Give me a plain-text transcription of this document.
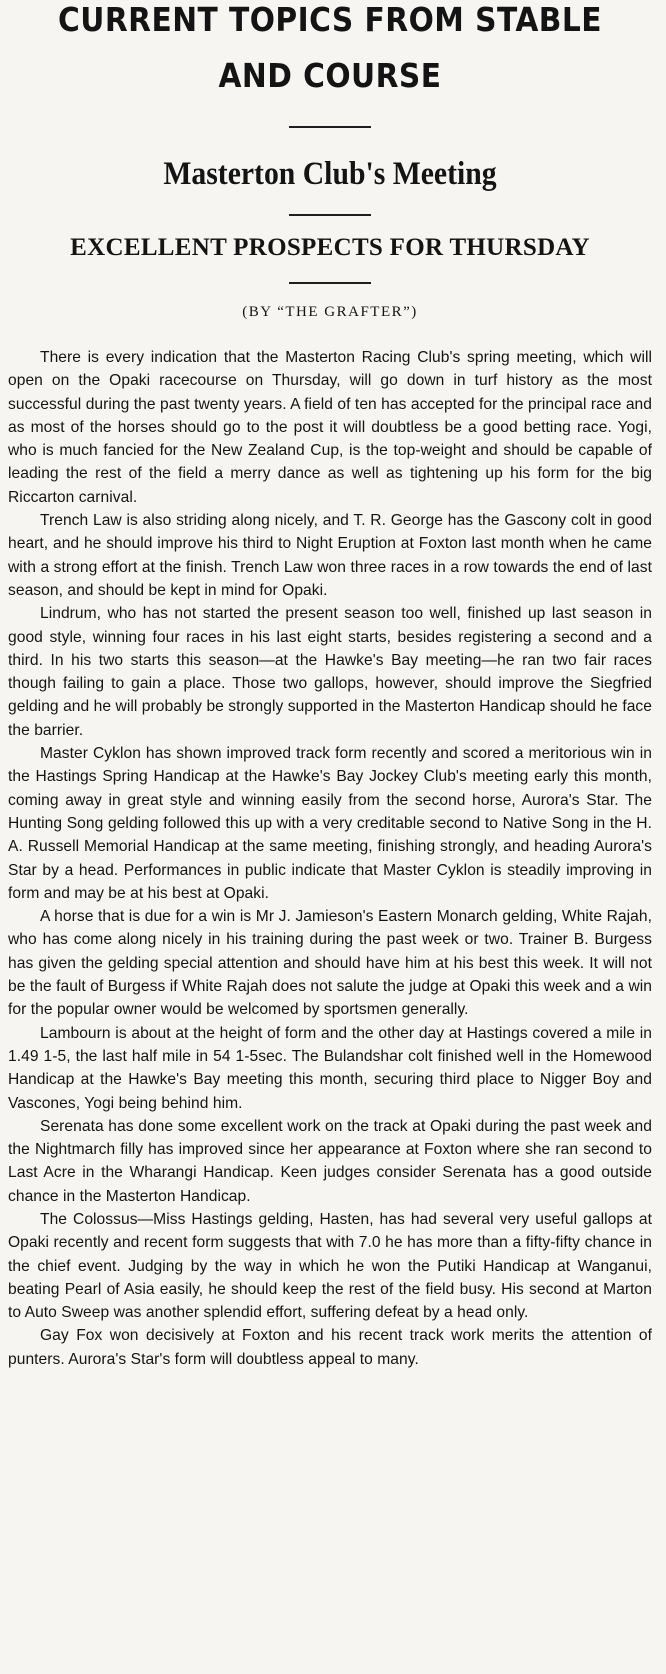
CURRENT TOPICS FROM STABLE
AND COURSE
Masterton Club's Meeting
EXCELLENT PROSPECTS FOR THURSDAY
(BY “THE GRAFTER”)

There is every indication that the Masterton Racing Club's spring meeting, which will open on the Opaki racecourse on Thursday, will go down in turf history as the most successful during the past twenty years. A field of ten has accepted for the principal race and as most of the horses should go to the post it will doubtless be a good betting race. Yogi, who is much fancied for the New Zealand Cup, is the top-weight and should be capable of leading the rest of the field a merry dance as well as tightening up his form for the big Riccarton carnival.

Trench Law is also striding along nicely, and T. R. George has the Gascony colt in good heart, and he should improve his third to Night Eruption at Foxton last month when he came with a strong effort at the finish. Trench Law won three races in a row towards the end of last season, and should be kept in mind for Opaki.

Lindrum, who has not started the present season too well, finished up last season in good style, winning four races in his last eight starts, besides registering a second and a third. In his two starts this season—at the Hawke's Bay meeting—he ran two fair races though failing to gain a place. Those two gallops, however, should improve the Siegfried gelding and he will probably be strongly supported in the Masterton Handicap should he face the barrier.

Master Cyklon has shown improved track form recently and scored a meritorious win in the Hastings Spring Handicap at the Hawke's Bay Jockey Club's meeting early this month, coming away in great style and winning easily from the second horse, Aurora's Star. The Hunting Song gelding followed this up with a very creditable second to Native Song in the H. A. Russell Memorial Handicap at the same meeting, finishing strongly, and heading Aurora's Star by a head. Performances in public indicate that Master Cyklon is steadily improving in form and may be at his best at Opaki.

A horse that is due for a win is Mr J. Jamieson's Eastern Monarch gelding, White Rajah, who has come along nicely in his training during the past week or two. Trainer B. Burgess has given the gelding special attention and should have him at his best this week. It will not be the fault of Burgess if White Rajah does not salute the judge at Opaki this week and a win for the popular owner would be welcomed by sportsmen generally.

Lambourn is about at the height of form and the other day at Hastings covered a mile in 1.49 1-5, the last half mile in 54 1-5sec. The Bulandshar colt finished well in the Homewood Handicap at the Hawke's Bay meeting this month, securing third place to Nigger Boy and Vascones, Yogi being behind him.

Serenata has done some excellent work on the track at Opaki during the past week and the Nightmarch filly has improved since her appearance at Foxton where she ran second to Last Acre in the Wharangi Handicap. Keen judges consider Serenata has a good outside chance in the Masterton Handicap.

The Colossus—Miss Hastings gelding, Hasten, has had several very useful gallops at Opaki recently and recent form suggests that with 7.0 he has more than a fifty-fifty chance in the chief event. Judging by the way in which he won the Putiki Handicap at Wanganui, beating Pearl of Asia easily, he should keep the rest of the field busy. His second at Marton to Auto Sweep was another splendid effort, suffering defeat by a head only.

Gay Fox won decisively at Foxton and his recent track work merits the attention of punters. Aurora's Star's form will doubtless appeal to many.
